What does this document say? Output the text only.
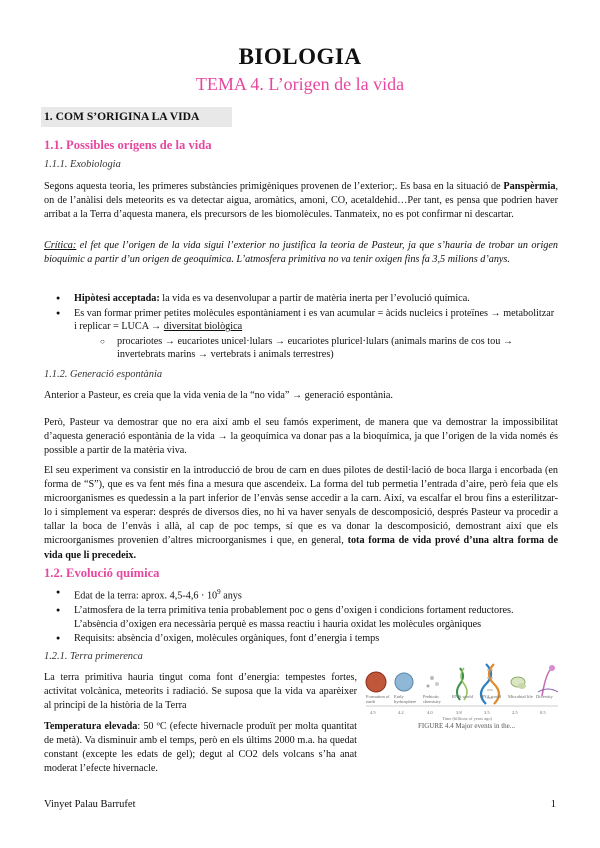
BIOLOGIA
TEMA 4. L’origen de la vida
1. COM S’ORIGINA LA VIDA
1.1. Possibles orígens de la vida
1.1.1. Exobiologia
Segons aquesta teoria, les primeres substàncies primigèniques provenen de l’exterior;. Es basa en la situació de Panspèrmia, on de l’anàlisi dels meteorits es va detectar aigua, aromàtics, amoni, CO, acetaldehid…Per tant, es pensa que podrien haver arribat a la Terra d’aquesta manera, els precursors de les biomolècules. Tanmateix, no es pot confirmar ni descartar.
Crítica: el fet que l’origen de la vida sigui l’exterior no justifica la teoria de Pasteur, ja que s’hauria de trobar un origen bioquímic a partir d’un origen de geoquímica. L’atmosfera primitiva no va tenir oxigen fins fa 3,5 milions d’anys.
● Hipòtesi acceptada: la vida es va desenvolupar a partir de matèria inerta per l’evolució química.
● Es van formar primer petites molècules espontàniament i es van acumular = àcids nucleics i proteïnes → metabolitzar i replicar = LUCA → diversitat biològica
○ procariotes → eucariotes unicel·lulars → eucariotes pluricel·lulars (animals marins de cos tou → invertebrats marins → vertebrats i animals terrestres)
1.1.2. Generació espontània
Anterior a Pasteur, es creia que la vida venia de la “no vida” → generació espontània.
Però, Pasteur va demostrar que no era així amb el seu famós experiment, de manera que va demostrar la impossibilitat d’aquesta generació espontània de la vida → la geoquímica va donar pas a la bioquímica, ja que l’origen de la vida només és possible a partir de la matèria viva.
El seu experiment va consistir en la introducció de brou de carn en dues pilotes de destil·lació de boca llarga i encorbada (en forma de “S”), que es va fent més fina a mesura que ascendeix. La forma del tub permetia l’entrada d’aire, però feia que els microorganismes es quedessin a la part inferior de l’envàs sense accedir a la carn. Així, va escalfar el brou fins a esterilitzar-lo i simplement va esperar: després de diversos dies, no hi va haver senyals de descomposició, després Pasteur va procedir a tallar la boca de l’envàs i allà, al cap de poc temps, sí que es va donar la descomposició, demostrant així que els microorganismes provenien d’altres microorganismes i que, en general, tota forma de vida prové d’una altra forma de vida que li precedeix.
1.2. Evolució química
● Edat de la terra: aprox. $4,5-4,6 \cdot 10^9$ anys
● L’atmosfera de la terra primitiva tenia probablement poc o gens d’oxigen i condicions fortament reductores. L’absència d’oxigen era necessària perquè es massa reactiu i hauria oxidat les molècules orgàniques
● Requisits: absència d’oxigen, molècules orgàniques, font d’energia i temps
1.2.1. Terra primerenca
La terra primitiva hauria tingut coma font d’energia: tempestes fortes, activitat volcànica, meteorits i radiació. Se suposa que la vida va aparèixer al principi de la història de la Terra
Temperatura elevada: 50 ºC (efecte hivernacle produït per molta quantitat de metà). Va disminuir amb el temps, però en els últims 2000 m.a. ha quedat constant (excepte les edats de gel); degut al CO2 dels volcans s’ha anat moderat l’efecte hivernacle.
Formation of earth
Early hydrosphere
Prebiotic chemistry
RNA world	DNA world	Microbial life Diversity
4.5	4.2	4.0	3.8	3.5	2.5	0.5
Time (billions of years ago)
FIGURE 4.4 Major events in the...
Vinyet Palau Barrufet	1
